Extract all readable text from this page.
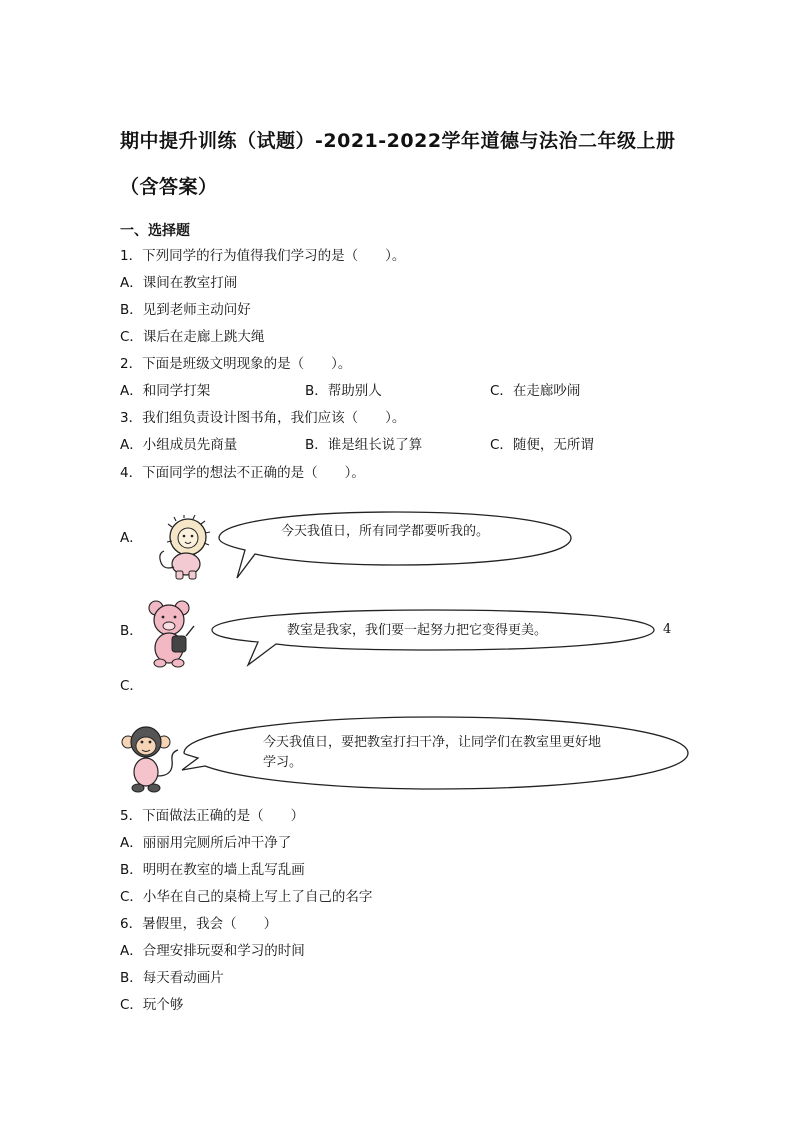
期中提升训练（试题）-2021-2022学年道德与法治二年级上册（含答案）
一、选择题
1．下列同学的行为值得我们学习的是（　　）。
A．课间在教室打闹
B．见到老师主动问好
C．课后在走廊上跳大绳
2．下面是班级文明现象的是（　　）。
A．和同学打架	B．帮助别人	C．在走廊吵闹
3．我们组负责设计图书角，我们应该（　　）。
A．小组成员先商量	B．谁是组长说了算	C．随便，无所谓
4．下面同学的想法不正确的是（　　）。
A．	今天我值日，所有同学都要听我的。
B．	教室是我家，我们要一起努力把它变得更美。	4
C．
今天我值日，要把教室打扫干净，让同学们在教室里更好地学习。
5．下面做法正确的是（　　）
A．丽丽用完厕所后冲干净了
B．明明在教室的墙上乱写乱画
C．小华在自己的桌椅上写上了自己的名字
6．暑假里，我会（　　）
A．合理安排玩耍和学习的时间
B．每天看动画片
C．玩个够
